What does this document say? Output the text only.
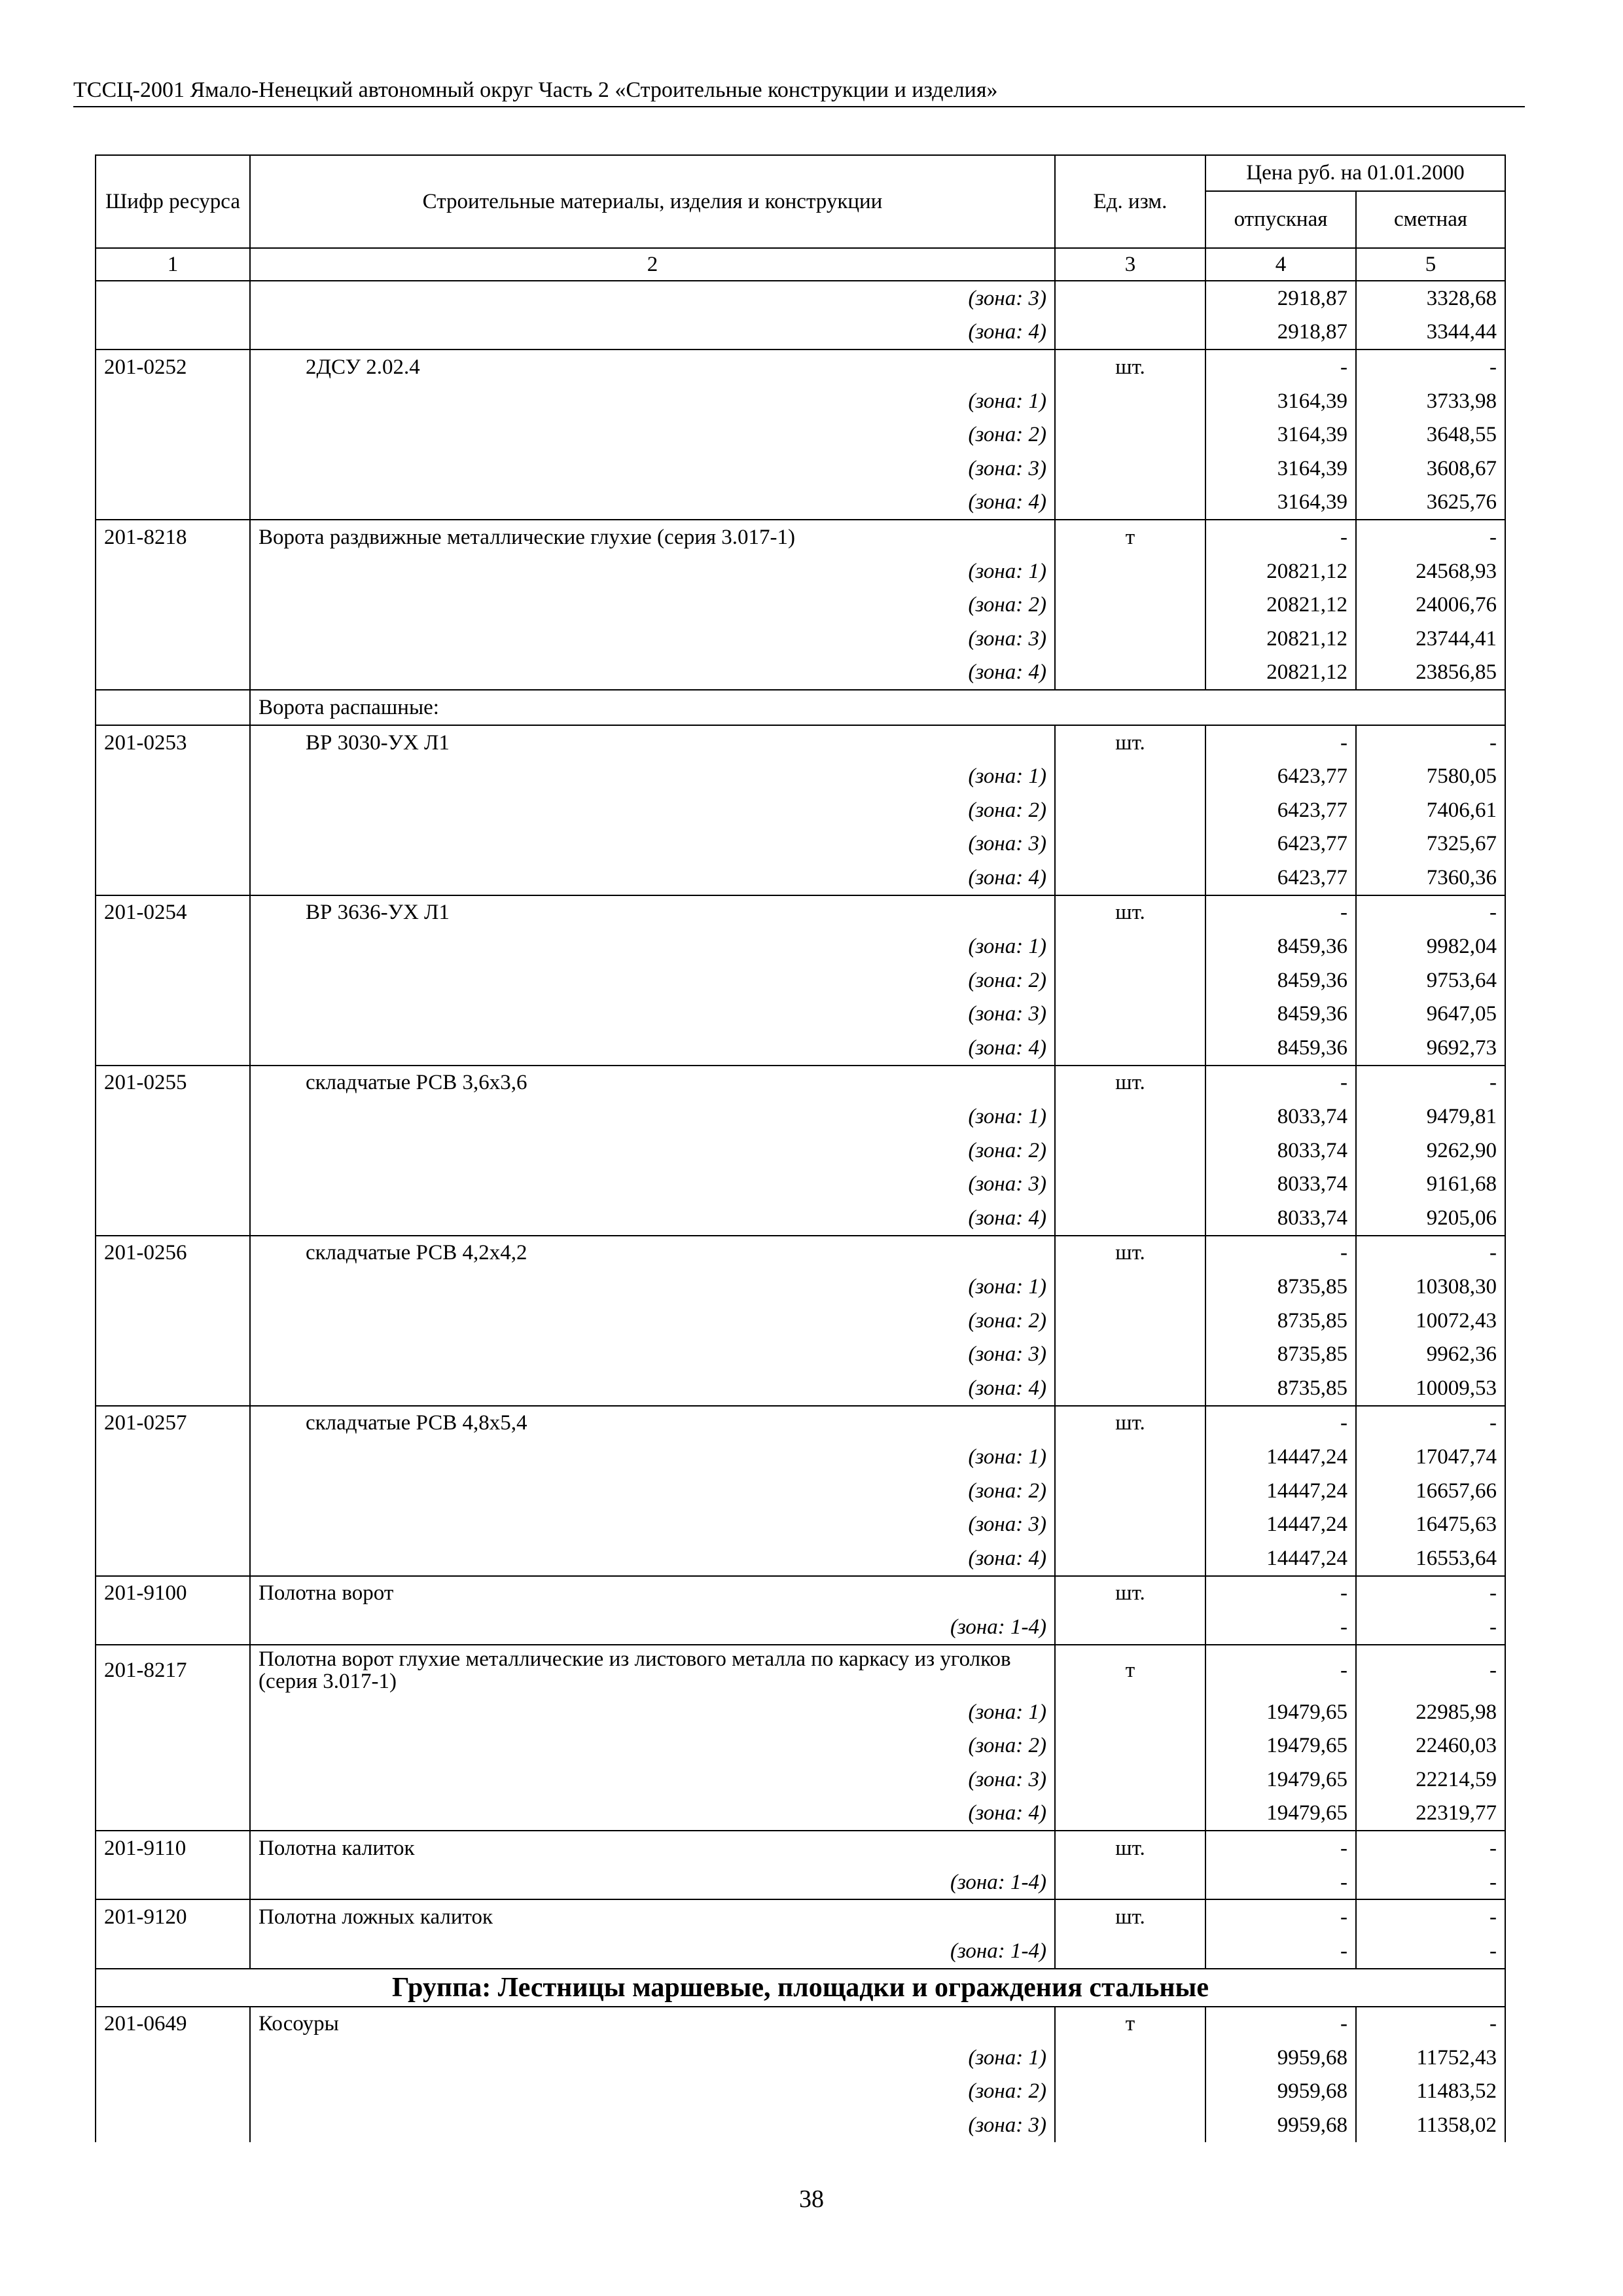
ТССЦ-2001 Ямало-Ненецкий автономный округ Часть 2 «Строительные конструкции и изделия»
Шифр ресурса	Строительные материалы, изделия и конструкции	Ед. изм.	Цена руб. на 01.01.2000	
			отпускная	сметная
1	2	3	4	5
	(зона: 3)		2918,87	3328,68
	(зона: 4)		2918,87	3344,44
201-0252	2ДСУ 2.02.4	шт.	-	-
	(зона: 1)		3164,39	3733,98
	(зона: 2)		3164,39	3648,55
	(зона: 3)		3164,39	3608,67
	(зона: 4)		3164,39	3625,76
201-8218	Ворота раздвижные металлические глухие (серия 3.017-1)	т	-	-
	(зона: 1)		20821,12	24568,93
	(зона: 2)		20821,12	24006,76
	(зона: 3)		20821,12	23744,41
	(зона: 4)		20821,12	23856,85
	Ворота распашные:			
201-0253	ВР 3030-УХ Л1	шт.	-	-
	(зона: 1)		6423,77	7580,05
	(зона: 2)		6423,77	7406,61
	(зона: 3)		6423,77	7325,67
	(зона: 4)		6423,77	7360,36
201-0254	ВР 3636-УХ Л1	шт.	-	-
	(зона: 1)		8459,36	9982,04
	(зона: 2)		8459,36	9753,64
	(зона: 3)		8459,36	9647,05
	(зона: 4)		8459,36	9692,73
201-0255	складчатые РСВ 3,6х3,6	шт.	-	-
	(зона: 1)		8033,74	9479,81
	(зона: 2)		8033,74	9262,90
	(зона: 3)		8033,74	9161,68
	(зона: 4)		8033,74	9205,06
201-0256	складчатые РСВ 4,2х4,2	шт.	-	-
	(зона: 1)		8735,85	10308,30
	(зона: 2)		8735,85	10072,43
	(зона: 3)		8735,85	9962,36
	(зона: 4)		8735,85	10009,53
201-0257	складчатые РСВ 4,8х5,4	шт.	-	-
	(зона: 1)		14447,24	17047,74
	(зона: 2)		14447,24	16657,66
	(зона: 3)		14447,24	16475,63
	(зона: 4)		14447,24	16553,64
201-9100	Полотна ворот	шт.	-	-
	(зона: 1-4)		-	-
201-8217	Полотна ворот глухие металлические из листового металла по каркасу из уголков (серия 3.017-1)	т	-	-
	(зона: 1)		19479,65	22985,98
	(зона: 2)		19479,65	22460,03
	(зона: 3)		19479,65	22214,59
	(зона: 4)		19479,65	22319,77
201-9110	Полотна калиток	шт.	-	-
	(зона: 1-4)		-	-
201-9120	Полотна ложных калиток	шт.	-	-
	(зона: 1-4)		-	-
Группа: Лестницы маршевые, площадки и ограждения стальные				
201-0649	Косоуры	т	-	-
	(зона: 1)		9959,68	11752,43
	(зона: 2)		9959,68	11483,52
	(зона: 3)		9959,68	11358,02
38
